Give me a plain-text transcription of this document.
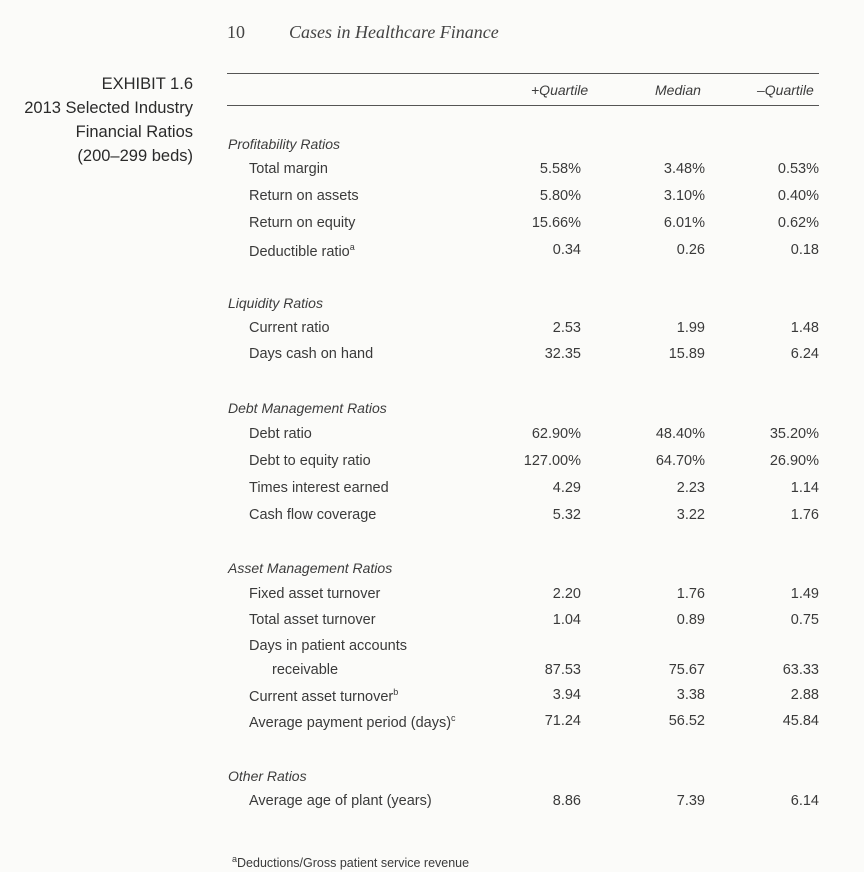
10 Cases in Healthcare Finance
EXHIBIT 1.6
2013 Selected Industry
Financial Ratios
(200–299 beds)
+Quartile	Median	–Quartile
Profitability Ratios
Total margin	5.58%	3.48%	0.53%
Return on assets	5.80%	3.10%	0.40%
Return on equity	15.66%	6.01%	0.62%
Deductible ratio$^a$	0.34	0.26	0.18
Liquidity Ratios
Current ratio	2.53	1.99	1.48
Days cash on hand	32.35	15.89	6.24
Debt Management Ratios
Debt ratio	62.90%	48.40%	35.20%
Debt to equity ratio	127.00%	64.70%	26.90%
Times interest earned	4.29	2.23	1.14
Cash flow coverage	5.32	3.22	1.76
Asset Management Ratios
Fixed asset turnover	2.20	1.76	1.49
Total asset turnover	1.04	0.89	0.75
Days in patient accounts
receivable	87.53	75.67	63.33
Current asset turnover$^b$	3.94	3.38	2.88
Average payment period (days)$^c$	71.24	56.52	45.84
Other Ratios
Average age of plant (years)	8.86	7.39	6.14
$^a$Deductions/Gross patient service revenue
